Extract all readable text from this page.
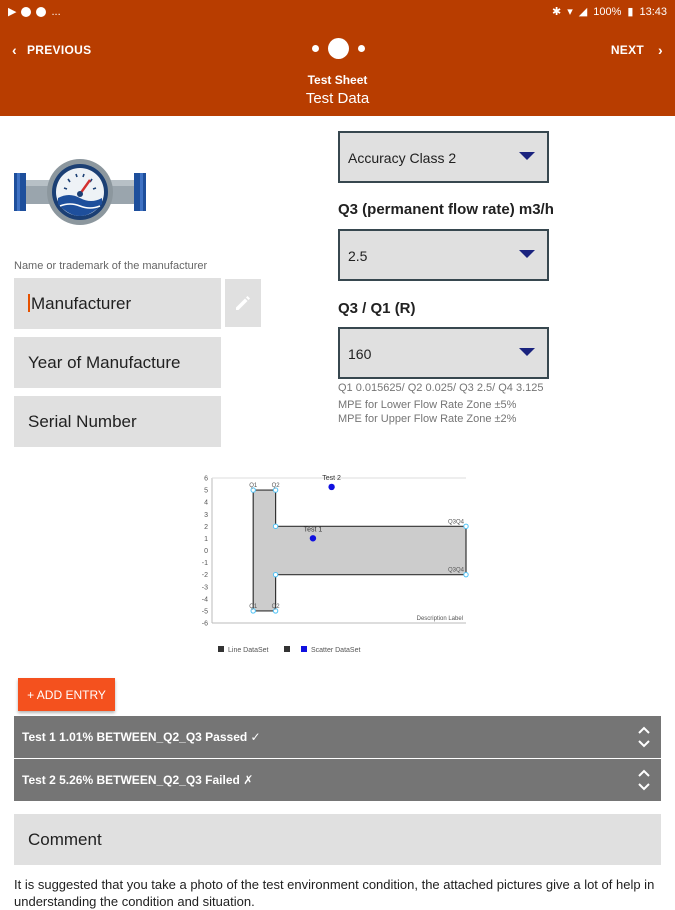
▶	...	✱ ▾ ◢ 100% ▮ 13:43
‹ PREVIOUS	NEXT ›
Test Sheet
Test Data
Name or trademark of the manufacturer
Manufacturer
Year of Manufacture
Serial Number
Accuracy Class 2
Q3 (permanent flow rate) m3/h
2.5
Q3 / Q1 (R)
160
Q1 0.015625/ Q2 0.025/ Q3 2.5/ Q4 3.125
MPE for Lower Flow Rate Zone ±5%
MPE for Upper Flow Rate Zone ±2%
6
5
4
3
2
1
0
-1
-2
-3
-4
-5
-6
Q1 Q2
Q3Q4
Q3Q4
Q2
Q1
Test 1
Test 2
Description Label
Line DataSet	Scatter DataSet
+ ADD ENTRY
Test 1 1.01% BETWEEN_Q2_Q3 Passed ✓
Test 2 5.26% BETWEEN_Q2_Q3 Failed ✗
Comment
It is suggested that you take a photo of the test environment condition, the attached pictures give a lot of help in understanding the condition and situation.
